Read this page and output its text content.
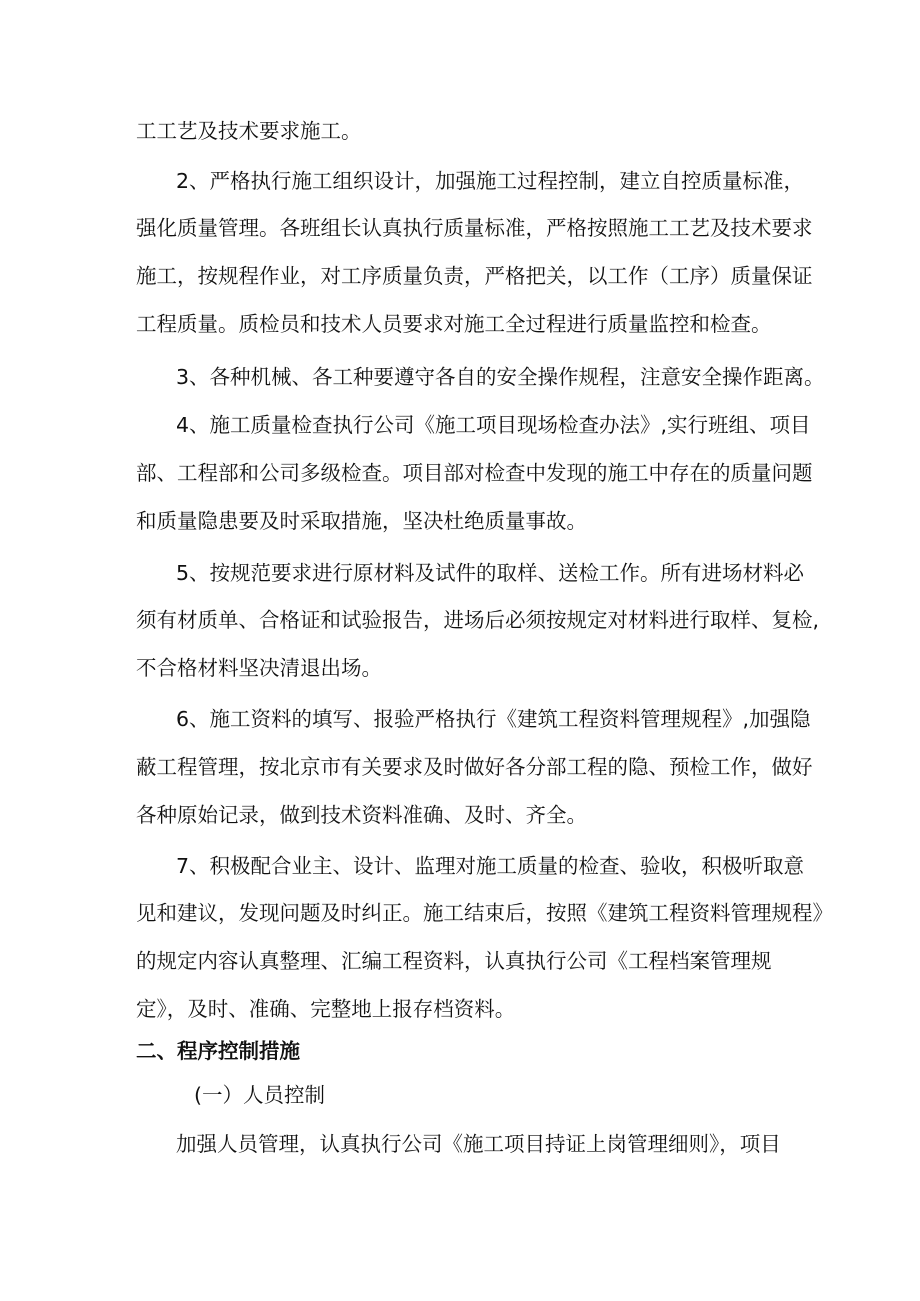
工工艺及技术要求施工。
2、严格执行施工组织设计，加强施工过程控制，建立自控质量标准，
强化质量管理。各班组长认真执行质量标准，严格按照施工工艺及技术要求
施工，按规程作业，对工序质量负责，严格把关，以工作（工序）质量保证
工程质量。质检员和技术人员要求对施工全过程进行质量监控和检查。
3、各种机械、各工种要遵守各自的安全操作规程，注意安全操作距离。
4、施工质量检查执行公司《施工项目现场检查办法》,实行班组、项目
部、工程部和公司多级检查。项目部对检查中发现的施工中存在的质量问题
和质量隐患要及时采取措施，坚决杜绝质量事故。
5、按规范要求进行原材料及试件的取样、送检工作。所有进场材料必
须有材质单、合格证和试验报告，进场后必须按规定对材料进行取样、复检,
不合格材料坚决清退出场。
6、施工资料的填写、报验严格执行《建筑工程资料管理规程》,加强隐
蔽工程管理，按北京市有关要求及时做好各分部工程的隐、预检工作，做好
各种原始记录，做到技术资料准确、及时、齐全。
7、积极配合业主、设计、监理对施工质量的检查、验收，积极听取意
见和建议，发现问题及时纠正。施工结束后，按照《建筑工程资料管理规程》
的规定内容认真整理、汇编工程资料，认真执行公司《工程档案管理规
定》，及时、准确、完整地上报存档资料。
二、程序控制措施
(一）人员控制
加强人员管理，认真执行公司《施工项目持证上岗管理细则》，项目
